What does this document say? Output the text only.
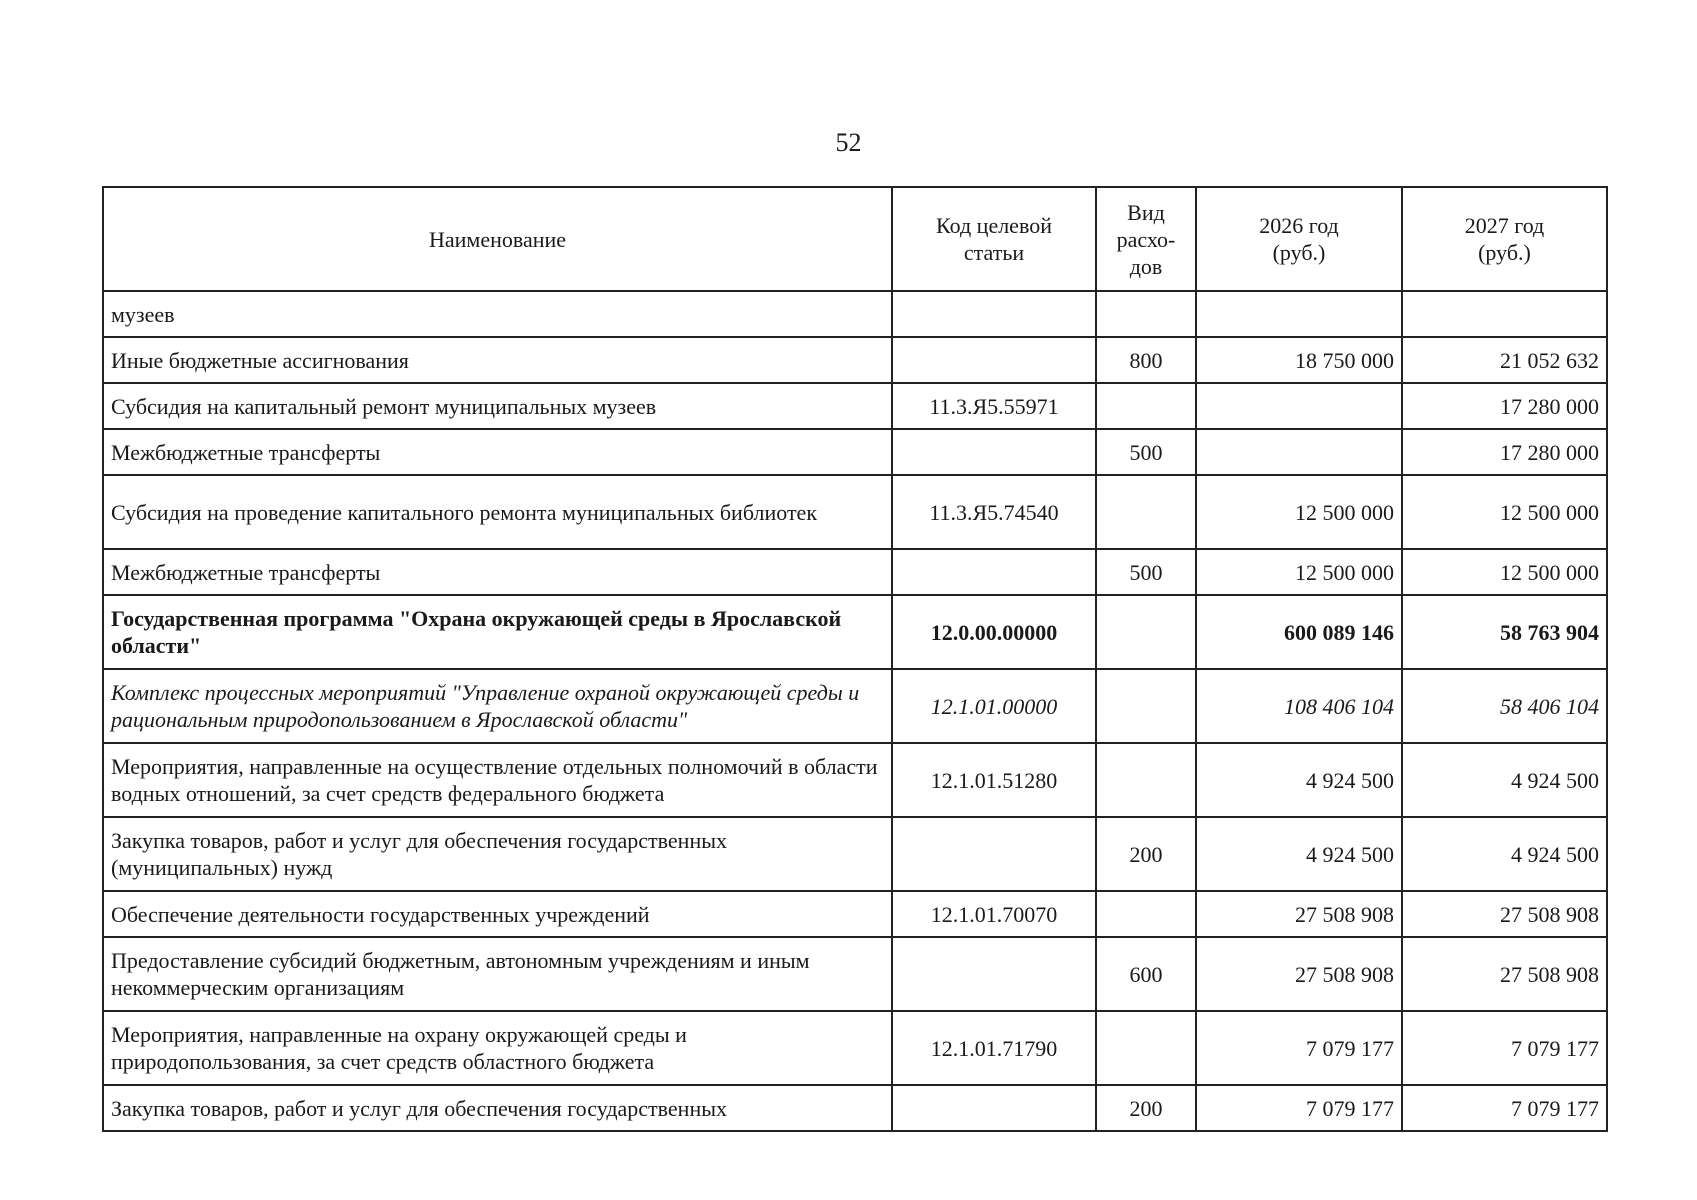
52
Наименование	Код целевой статьи	Вид расхо-дов	2026 год (руб.)	2027 год (руб.)
музеев				
Иные бюджетные ассигнования		800	18 750 000	21 052 632
Субсидия на капитальный ремонт муниципальных музеев	11.3.Я5.55971			17 280 000
Межбюджетные трансферты		500		17 280 000
Субсидия на проведение капитального ремонта муниципальных библиотек	11.3.Я5.74540		12 500 000	12 500 000
Межбюджетные трансферты		500	12 500 000	12 500 000
Государственная программа "Охрана окружающей среды в Ярославской области"	12.0.00.00000		600 089 146	58 763 904
Комплекс процессных мероприятий "Управление охраной окружающей среды и рациональным природопользованием в Ярославской области"	12.1.01.00000		108 406 104	58 406 104
Мероприятия, направленные на осуществление отдельных полномочий в области водных отношений, за счет средств федерального бюджета	12.1.01.51280		4 924 500	4 924 500
Закупка товаров, работ и услуг для обеспечения государственных (муниципальных) нужд		200	4 924 500	4 924 500
Обеспечение деятельности государственных учреждений	12.1.01.70070		27 508 908	27 508 908
Предоставление субсидий бюджетным, автономным учреждениям и иным некоммерческим организациям		600	27 508 908	27 508 908
Мероприятия, направленные на охрану окружающей среды и природопользования, за счет средств областного бюджета	12.1.01.71790		7 079 177	7 079 177
Закупка товаров, работ и услуг для обеспечения государственных		200	7 079 177	7 079 177
